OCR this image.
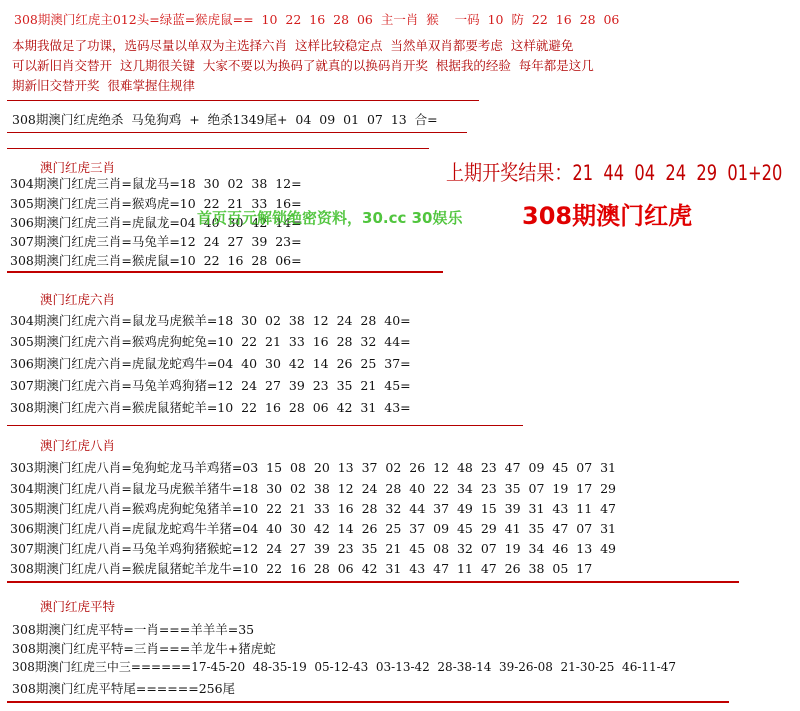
308期澳门红虎主012头=绿蓝=猴虎鼠==  10  22  16  28  06  主一肖  猴    一码  10  防  22  16  28  06
本期我做足了功课，选码尽量以单双为主选择六肖  这样比较稳定点  当然单双肖都要考虑  这样就避免
可以新旧肖交替开  这几期很关键  大家不要以为换码了就真的以换码肖开奖  根据我的经验  每年都是这几
期新旧交替开奖  很难掌握住规律
308期澳门红虎绝杀  马兔狗鸡  +  绝杀1349尾+  04  09  01  07  13  合=
澳门红虎三肖
304期澳门红虎三肖=鼠龙马=18  30  02  38  12=
305期澳门红虎三肖=猴鸡虎=10  22  21  33  16=
306期澳门红虎三肖=虎鼠龙=04  40  30  42  14=
307期澳门红虎三肖=马兔羊=12  24  27  39  23=
308期澳门红虎三肖=猴虎鼠=10  22  16  28  06=
上期开奖结果：21  44  04  24  29  01+20
首页百元解锁绝密资料，30.cc 30娱乐 308期澳门红虎
澳门红虎六肖
304期澳门红虎六肖=鼠龙马虎猴羊=18  30  02  38  12  24  28  40=
305期澳门红虎六肖=猴鸡虎狗蛇兔=10  22  21  33  16  28  32  44=
306期澳门红虎六肖=虎鼠龙蛇鸡牛=04  40  30  42  14  26  25  37=
307期澳门红虎六肖=马兔羊鸡狗猪=12  24  27  39  23  35  21  45=
308期澳门红虎六肖=猴虎鼠猪蛇羊=10  22  16  28  06  42  31  43=
澳门红虎八肖
303期澳门红虎八肖=兔狗蛇龙马羊鸡猪=03  15  08  20  13  37  02  26  12  48  23  47  09  45  07  31
304期澳门红虎八肖=鼠龙马虎猴羊猪牛=18  30  02  38  12  24  28  40  22  34  23  35  07  19  17  29
305期澳门红虎八肖=猴鸡虎狗蛇兔猪羊=10  22  21  33  16  28  32  44  37  49  15  39  31  43  11  47
306期澳门红虎八肖=虎鼠龙蛇鸡牛羊猪=04  40  30  42  14  26  25  37  09  45  29  41  35  47  07  31
307期澳门红虎八肖=马兔羊鸡狗猪猴蛇=12  24  27  39  23  35  21  45  08  32  07  19  34  46  13  49
308期澳门红虎八肖=猴虎鼠猪蛇羊龙牛=10  22  16  28  06  42  31  43  47  11  47  26  38  05  17
澳门红虎平特
308期澳门红虎平特=一肖===羊羊羊=35
308期澳门红虎平特=三肖===羊龙牛+猪虎蛇
308期澳门红虎三中三======17-45-20  48-35-19  05-12-43  03-13-42  28-38-14  39-26-08  21-30-25  46-11-47
308期澳门红虎平特尾======256尾
